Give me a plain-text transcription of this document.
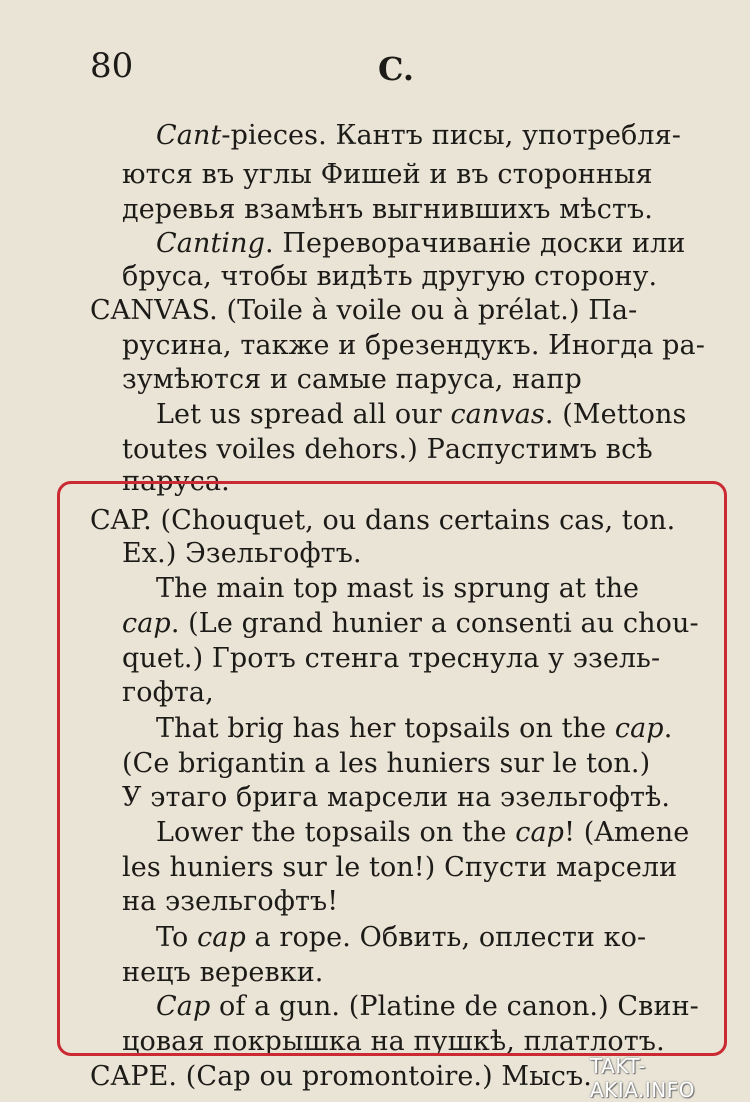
80	C.
Cant-pieces. Кантъ писы, употребля-
ются въ углы Фишей и въ сторонныя
деревья взамѣнъ выгнившихъ мѣстъ.
Canting. Переворачиваніе доски или
бруса, чтобы видѣть другую сторону.
CANVAS. (Toile à voile ou à prélat.) Па-
русина, также и брезендукъ. Иногда ра-
зумѣются и самые паруса, напр
Let us spread all our canvas. (Mettons
toutes voiles dehors.) Распустимъ всѣ
паруса.
CAP. (Chouquet, ou dans certains cas, ton.
Ex.) Эзельгофтъ.
The main top mast is sprung at the
cap. (Le grand hunier a consenti au chou-
quet.) Гротъ стенга треснула у эзель-
гофта,
That brig has her topsails on the cap.
(Ce brigantin a les huniers sur le ton.)
У этаго брига марсели на эзельгофтѣ.
Lower the topsails on the cap! (Amene
les huniers sur le ton!) Спусти марсели
на эзельгофтъ!
To cap a rope. Обвить, оплести ко-
нецъ веревки.
Cap of a gun. (Platine de canon.) Свин-
цовая покрышка на пушкѣ, платлотъ.
CAPE. (Cap ou promontoire.) Мысъ.
TAKT-AKIA.INFO
